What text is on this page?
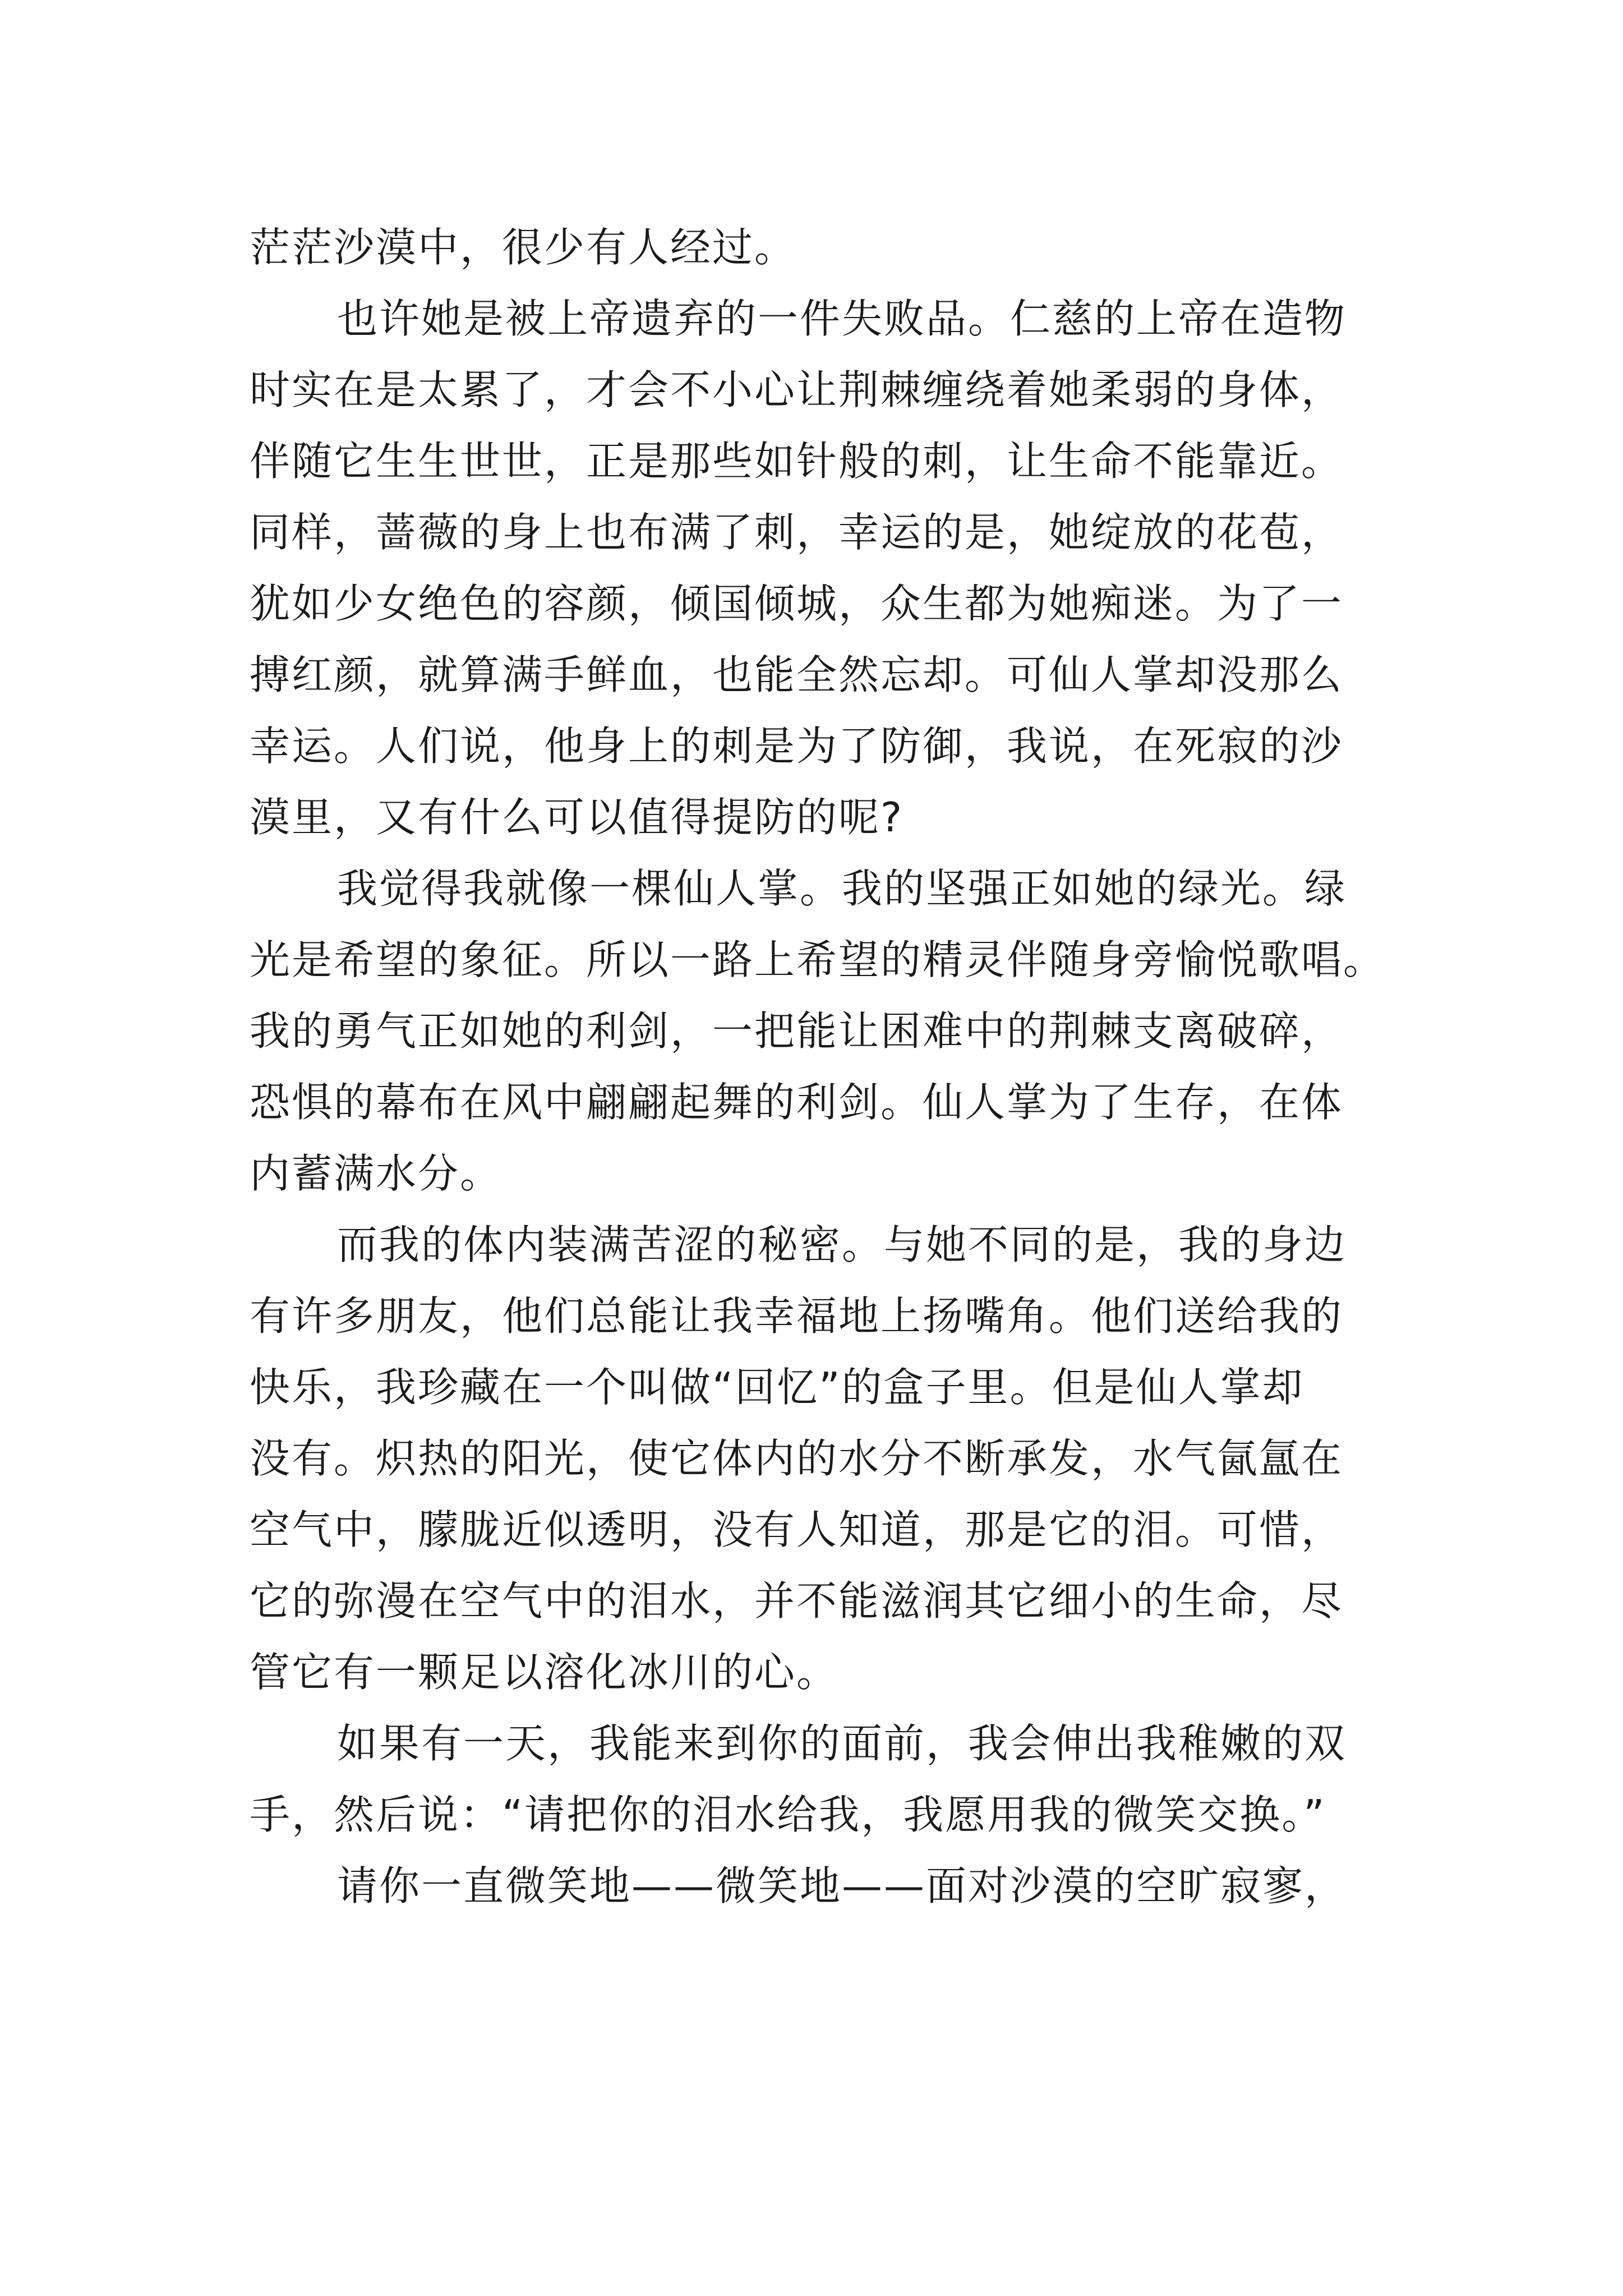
茫茫沙漠中，很少有人经过。
也许她是被上帝遗弃的一件失败品。仁慈的上帝在造物
时实在是太累了，才会不小心让荆棘缠绕着她柔弱的身体，
伴随它生生世世，正是那些如针般的刺，让生命不能靠近。
同样，蔷薇的身上也布满了刺，幸运的是，她绽放的花苞，
犹如少女绝色的容颜，倾国倾城，众生都为她痴迷。为了一
搏红颜，就算满手鲜血，也能全然忘却。可仙人掌却没那么
幸运。人们说，他身上的刺是为了防御，我说，在死寂的沙
漠里，又有什么可以值得提防的呢?
我觉得我就像一棵仙人掌。我的坚强正如她的绿光。绿
光是希望的象征。所以一路上希望的精灵伴随身旁愉悦歌唱。
我的勇气正如她的利剑，一把能让困难中的荆棘支离破碎，
恐惧的幕布在风中翩翩起舞的利剑。仙人掌为了生存，在体
内蓄满水分。
而我的体内装满苦涩的秘密。与她不同的是，我的身边
有许多朋友，他们总能让我幸福地上扬嘴角。他们送给我的
快乐，我珍藏在一个叫做“回忆”的盒子里。但是仙人掌却
没有。炽热的阳光，使它体内的水分不断承发，水气氤氲在
空气中，朦胧近似透明，没有人知道，那是它的泪。可惜，
它的弥漫在空气中的泪水，并不能滋润其它细小的生命，尽
管它有一颗足以溶化冰川的心。
如果有一天，我能来到你的面前，我会伸出我稚嫩的双
手，然后说：“请把你的泪水给我，我愿用我的微笑交换。”
请你一直微笑地——微笑地——面对沙漠的空旷寂寥，
